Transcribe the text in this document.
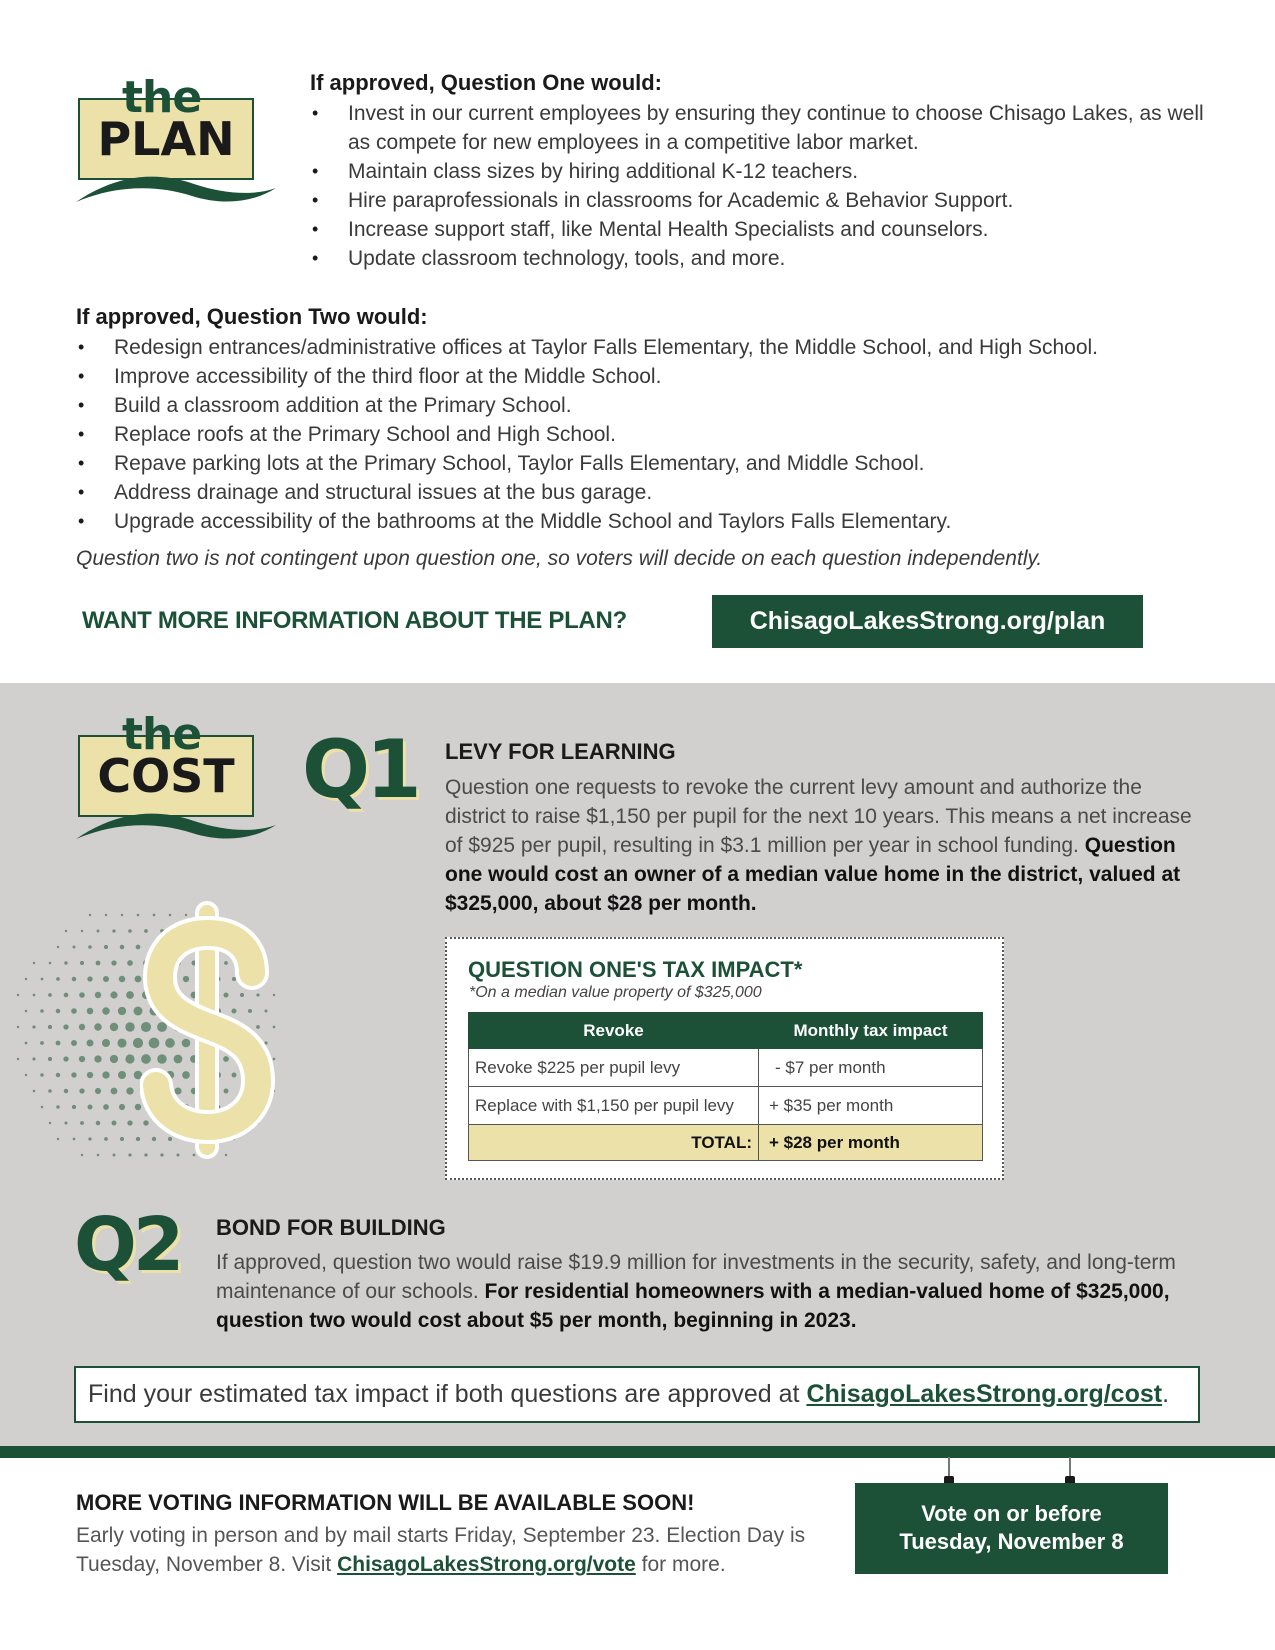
the
PLAN
If approved, Question One would:
• Invest in our current employees by ensuring they continue to choose Chisago Lakes, as well as compete for new employees in a competitive labor market.
• Maintain class sizes by hiring additional K-12 teachers.
• Hire paraprofessionals in classrooms for Academic & Behavior Support.
• Increase support staff, like Mental Health Specialists and counselors.
• Update classroom technology, tools, and more.
If approved, Question Two would:
• Redesign entrances/administrative offices at Taylor Falls Elementary, the Middle School, and High School.
• Improve accessibility of the third floor at the Middle School.
• Build a classroom addition at the Primary School.
• Replace roofs at the Primary School and High School.
• Repave parking lots at the Primary School, Taylor Falls Elementary, and Middle School.
• Address drainage and structural issues at the bus garage.
• Upgrade accessibility of the bathrooms at the Middle School and Taylors Falls Elementary.
Question two is not contingent upon question one, so voters will decide on each question independently.
WANT MORE INFORMATION ABOUT THE PLAN?	ChisagoLakesStrong.org/plan
the
COST Q1 LEVY FOR LEARNING
Question one requests to revoke the current levy amount and authorize the district to raise $1,150 per pupil for the next 10 years. This means a net increase of $925 per pupil, resulting in $3.1 million per year in school funding. Question one would cost an owner of a median value home in the district, valued at $325,000, about $28 per month.
QUESTION ONE'S TAX IMPACT*
*On a median value property of $325,000
Revoke	Monthly tax impact
Revoke $225 per pupil levy	- $7 per month
Replace with $1,150 per pupil levy	+ $35 per month
TOTAL:	+ $28 per month
Q2 BOND FOR BUILDING
If approved, question two would raise $19.9 million for investments in the security, safety, and long-term maintenance of our schools. For residential homeowners with a median-valued home of $325,000, question two would cost about $5 per month, beginning in 2023.
Find your estimated tax impact if both questions are approved at ChisagoLakesStrong.org/cost.
MORE VOTING INFORMATION WILL BE AVAILABLE SOON!
Early voting in person and by mail starts Friday, September 23. Election Day is Tuesday, November 8. Visit ChisagoLakesStrong.org/vote for more.
Vote on or before
Tuesday, November 8
